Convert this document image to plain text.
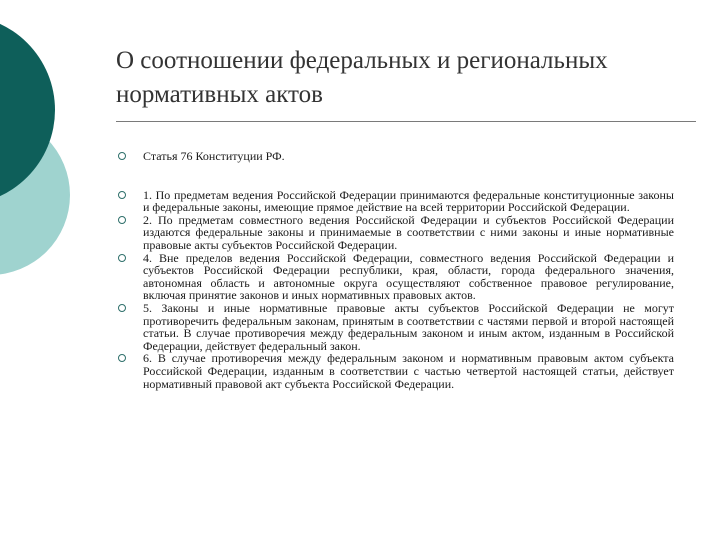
О соотношении федеральных и региональных нормативных актов
Статья 76 Конституции РФ.
1. По предметам ведения Российской Федерации принимаются федеральные конституционные законы и федеральные законы, имеющие прямое действие на всей территории Российской Федерации.
2. По предметам совместного ведения Российской Федерации и субъектов Российской Федерации издаются федеральные законы и принимаемые в соответствии с ними законы и иные нормативные правовые акты субъектов Российской Федерации.
4. Вне пределов ведения Российской Федерации, совместного ведения Российской Федерации и субъектов Российской Федерации республики, края, области, города федерального значения, автономная область и автономные округа осуществляют собственное правовое регулирование, включая принятие законов и иных нормативных правовых актов.
5. Законы и иные нормативные правовые акты субъектов Российской Федерации не могут противоречить федеральным законам, принятым в соответствии с частями первой и второй настоящей статьи. В случае противоречия между федеральным законом и иным актом, изданным в Российской Федерации, действует федеральный закон.
6. В случае противоречия между федеральным законом и нормативным правовым актом субъекта Российской Федерации, изданным в соответствии с частью четвертой настоящей статьи, действует нормативный правовой акт субъекта Российской Федерации.
